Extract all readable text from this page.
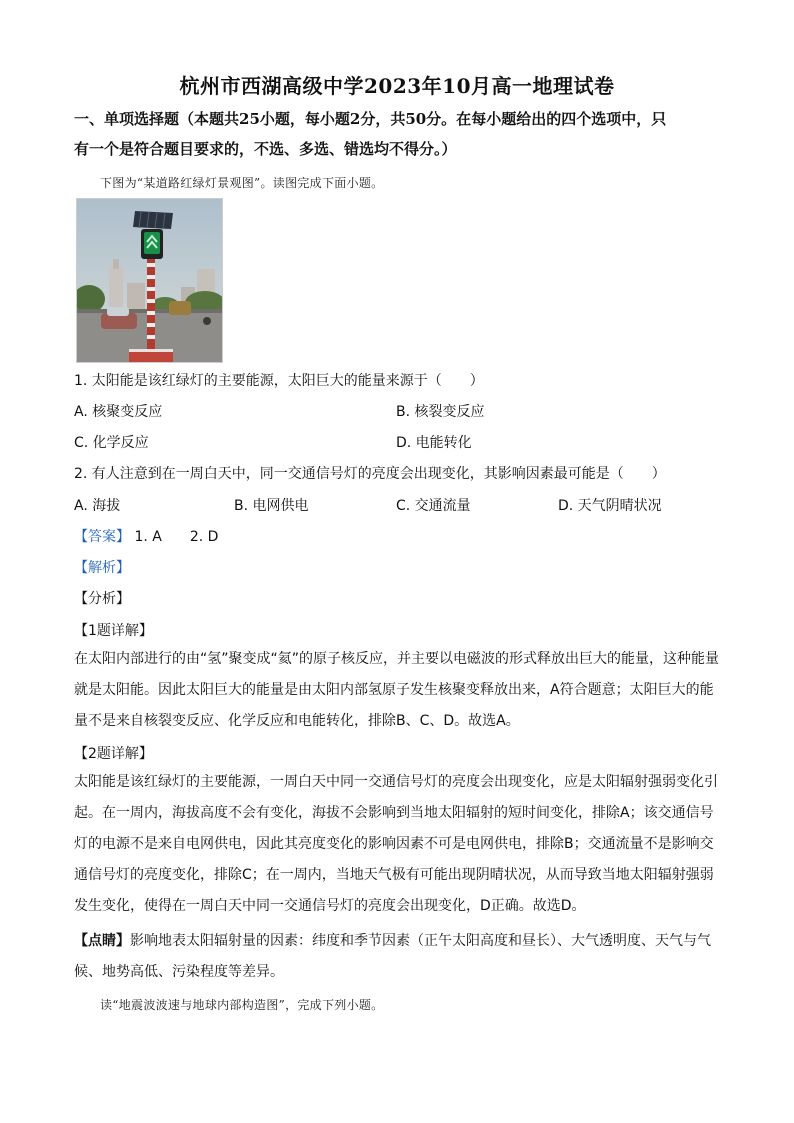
杭州市西湖高级中学2023年10月高一地理试卷
一、单项选择题（本题共25小题，每小题2分，共50分。在每小题给出的四个选项中，只
有一个是符合题目要求的，不选、多选、错选均不得分。）
下图为“某道路红绿灯景观图”。读图完成下面小题。
1. 太阳能是该红绿灯的主要能源，太阳巨大的能量来源于（　　）
A. 核聚变反应	B. 核裂变反应
C. 化学反应	D. 电能转化
2. 有人注意到在一周白天中，同一交通信号灯的亮度会出现变化，其影响因素最可能是（　　）
A. 海拔	B. 电网供电	C. 交通流量	D. 天气阴晴状况
【答案】 1. A　　2. D
【解析】
【分析】
【1题详解】
在太阳内部进行的由“氢”聚变成“氦”的原子核反应，并主要以电磁波的形式释放出巨大的能量，这种能量
就是太阳能。因此太阳巨大的能量是由太阳内部氢原子发生核聚变释放出来，A符合题意；太阳巨大的能
量不是来自核裂变反应、化学反应和电能转化，排除B、C、D。故选A。
【2题详解】
太阳能是该红绿灯的主要能源，一周白天中同一交通信号灯的亮度会出现变化，应是太阳辐射强弱变化引
起。在一周内，海拔高度不会有变化，海拔不会影响到当地太阳辐射的短时间变化，排除A；该交通信号
灯的电源不是来自电网供电，因此其亮度变化的影响因素不可是电网供电，排除B；交通流量不是影响交
通信号灯的亮度变化，排除C；在一周内，当地天气极有可能出现阴晴状况，从而导致当地太阳辐射强弱
发生变化，使得在一周白天中同一交通信号灯的亮度会出现变化，D正确。故选D。
【点睛】影响地表太阳辐射量的因素：纬度和季节因素（正午太阳高度和昼长）、大气透明度、天气与气
候、地势高低、污染程度等差异。
读“地震波波速与地球内部构造图”，完成下列小题。
